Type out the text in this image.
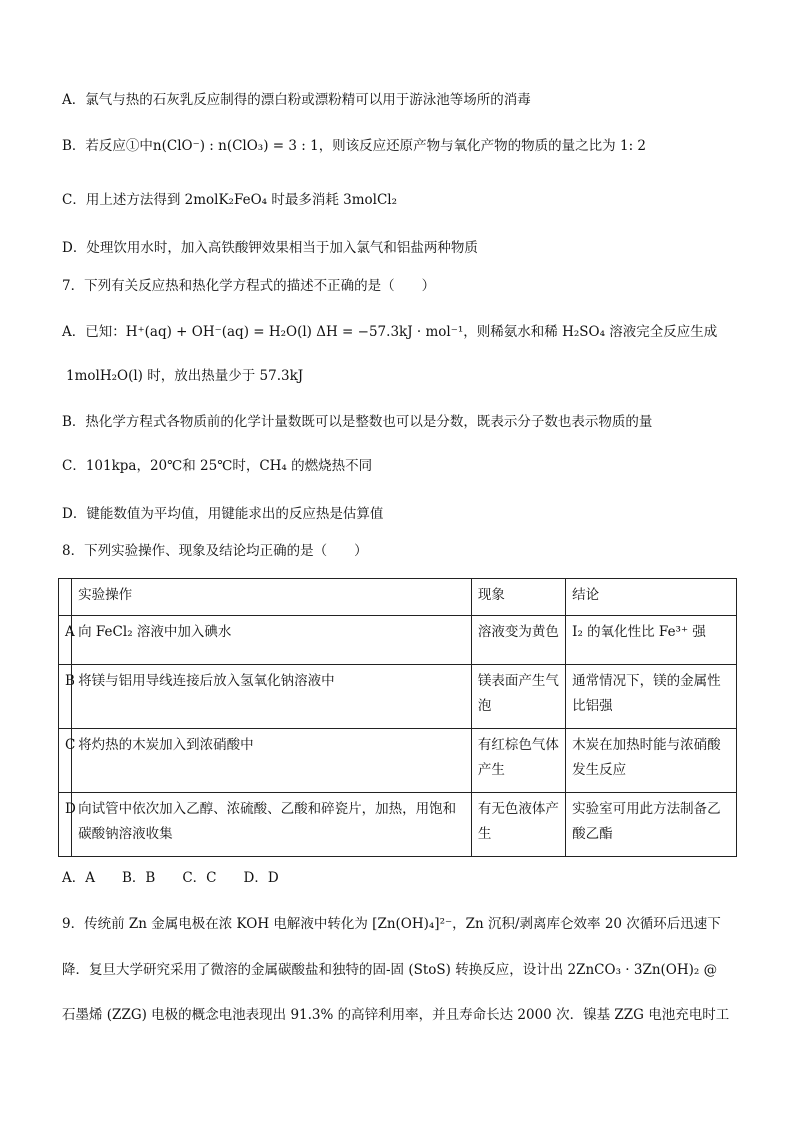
A．氯气与热的石灰乳反应制得的漂白粉或漂粉精可以用于游泳池等场所的消毒
B．若反应①中n(ClO⁻) : n(ClO₃) = 3 : 1，则该反应还原产物与氧化产物的物质的量之比为 1: 2
C．用上述方法得到 2molK₂FeO₄ 时最多消耗 3molCl₂
D．处理饮用水时，加入高铁酸钾效果相当于加入氯气和铝盐两种物质
7．下列有关反应热和热化学方程式的描述不正确的是（　　）
A．已知：H⁺(aq) + OH⁻(aq) = H₂O(l) ΔH = −57.3kJ · mol⁻¹，则稀氨水和稀 H₂SO₄ 溶液完全反应生成
1molH₂O(l) 时，放出热量少于 57.3kJ
B．热化学方程式各物质前的化学计量数既可以是整数也可以是分数，既表示分子数也表示物质的量
C．101kpa，20℃和 25℃时，CH₄ 的燃烧热不同
D．键能数值为平均值，用键能求出的反应热是估算值
8．下列实验操作、现象及结论均正确的是（　　）
	实验操作	现象	结论
A	向 FeCl₂ 溶液中加入碘水	溶液变为黄色	I₂ 的氧化性比 Fe³⁺ 强
B	将镁与铝用导线连接后放入氢氧化钠溶液中	镁表面产生气泡	通常情况下，镁的金属性比铝强
C	将灼热的木炭加入到浓硝酸中	有红棕色气体产生	木炭在加热时能与浓硝酸发生反应
D	向试管中依次加入乙醇、浓硫酸、乙酸和碎瓷片，加热，用饱和碳酸钠溶液收集	有无色液体产生	实验室可用此方法制备乙酸乙酯
A．A　　B．B　　C．C　　D．D
9．传统前 Zn 金属电极在浓 KOH 电解液中转化为 [Zn(OH)₄]²⁻，Zn 沉积/剥离库仑效率 20 次循环后迅速下
降．复旦大学研究采用了微溶的金属碳酸盐和独特的固-固 (StoS) 转换反应，设计出 2ZnCO₃ · 3Zn(OH)₂ @
石墨烯 (ZZG) 电极的概念电池表现出 91.3% 的高锌利用率，并且寿命长达 2000 次．镍基 ZZG 电池充电时工
